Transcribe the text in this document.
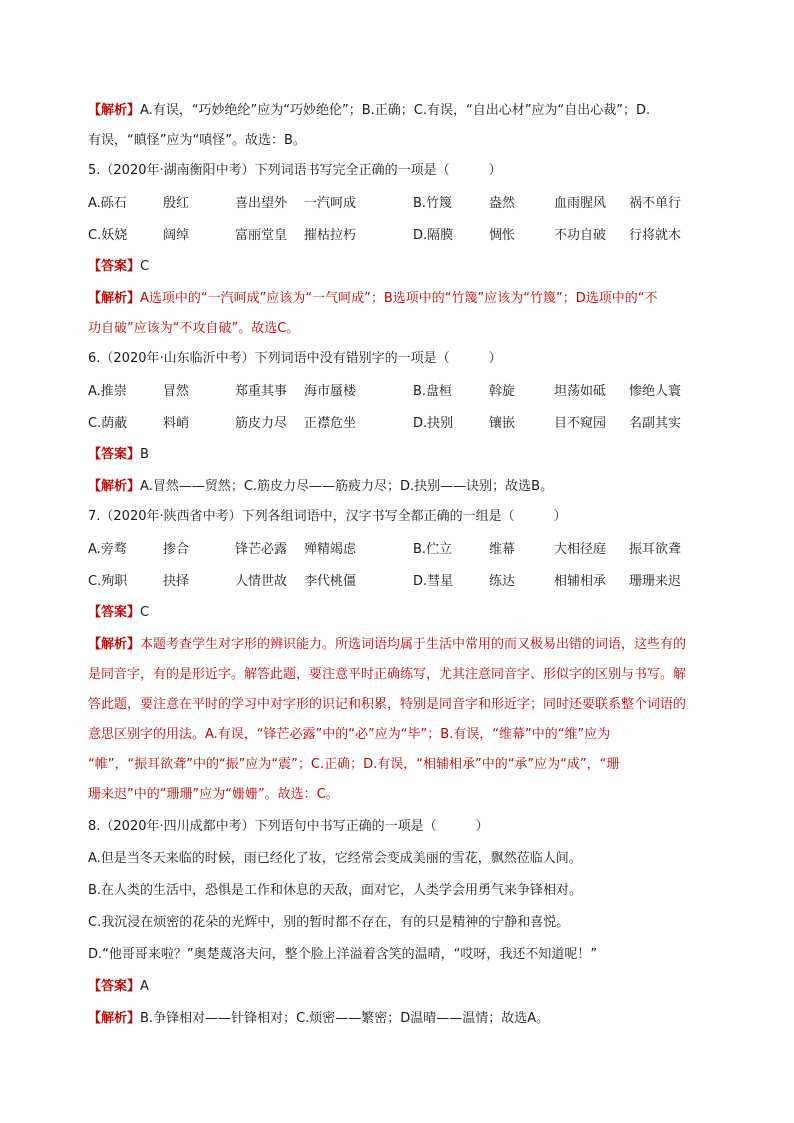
【解析】A.有误，“巧妙绝纶”应为“巧妙绝伦”；B.正确；C.有误，“自出心材”应为“自出心裁”；D.
有误，“瞋怪”应为“嗔怪”。故选：B。
5.（2020年·湖南衡阳中考）下列词语书写完全正确的一项是（　　　）
A.砾石	殷红	喜出望外 一汽呵成	B.竹篾	盎然	血雨腥风 祸不单行
C.妖娆	阔绰	富丽堂皇 摧枯拉朽	D.隔膜	惆怅	不功自破 行将就木
【答案】C
【解析】A选项中的“一汽呵成”应该为“一气呵成”；B选项中的“竹篾”应该为“竹篾”；D选项中的“不
功自破”应该为“不攻自破”。故选C。
6.（2020年·山东临沂中考）下列词语中没有错别字的一项是（　　　）
A.推崇	冒然	郑重其事 海市蜃楼	B.盘桓	斡旋	坦荡如砥 惨绝人寰
C.荫蔽	料峭	筋皮力尽 正襟危坐	D.抉别	镶嵌	目不窥园 名副其实
【答案】B
【解析】A.冒然——贸然；C.筋皮力尽——筋疲力尽；D.抉别——诀别；故选B。
7.（2020年·陕西省中考）下列各组词语中，汉字书写全都正确的一组是（　　　）
A.旁骛	掺合	锋芒必露 殚精竭虑	B.伫立	维幕	大相径庭 振耳欲聋
C.殉职	抉择	人情世故 李代桃僵	D.彗星	练达	相辅相承 珊珊来迟
【答案】C
【解析】本题考查学生对字形的辨识能力。所选词语均属于生活中常用的而又极易出错的词语，这些有的
是同音字，有的是形近字。解答此题，要注意平时正确练写，尤其注意同音字、形似字的区别与书写。解
答此题，要注意在平时的学习中对字形的识记和积累，特别是同音字和形近字；同时还要联系整个词语的
意思区别字的用法。A.有误，“锋芒必露”中的“必”应为“毕”；B.有误，“维幕”中的“维”应为
“帷”，“振耳欲聋”中的“振”应为“震”；C.正确；D.有误，“相辅相承”中的“承”应为“成”，“珊
珊来迟”中的“珊珊”应为“姗姗”。故选：C。
8.（2020年·四川成都中考）下列语句中书写正确的一项是（　　　）
A.但是当冬天来临的时候，雨已经化了妆，它经常会变成美丽的雪花，飘然莅临人间。
B.在人类的生活中，恐惧是工作和休息的天敌，面对它，人类学会用勇气来争锋相对。
C.我沉浸在烦密的花朵的光辉中，别的暂时都不存在，有的只是精神的宁静和喜悦。
D.“他哥哥来啦？”奥楚蔑洛夫问，整个脸上洋溢着含笑的温晴，“哎呀，我还不知道呢！”
【答案】A
【解析】B.争锋相对——针锋相对；C.烦密——繁密；D温晴——温情；故选A。
